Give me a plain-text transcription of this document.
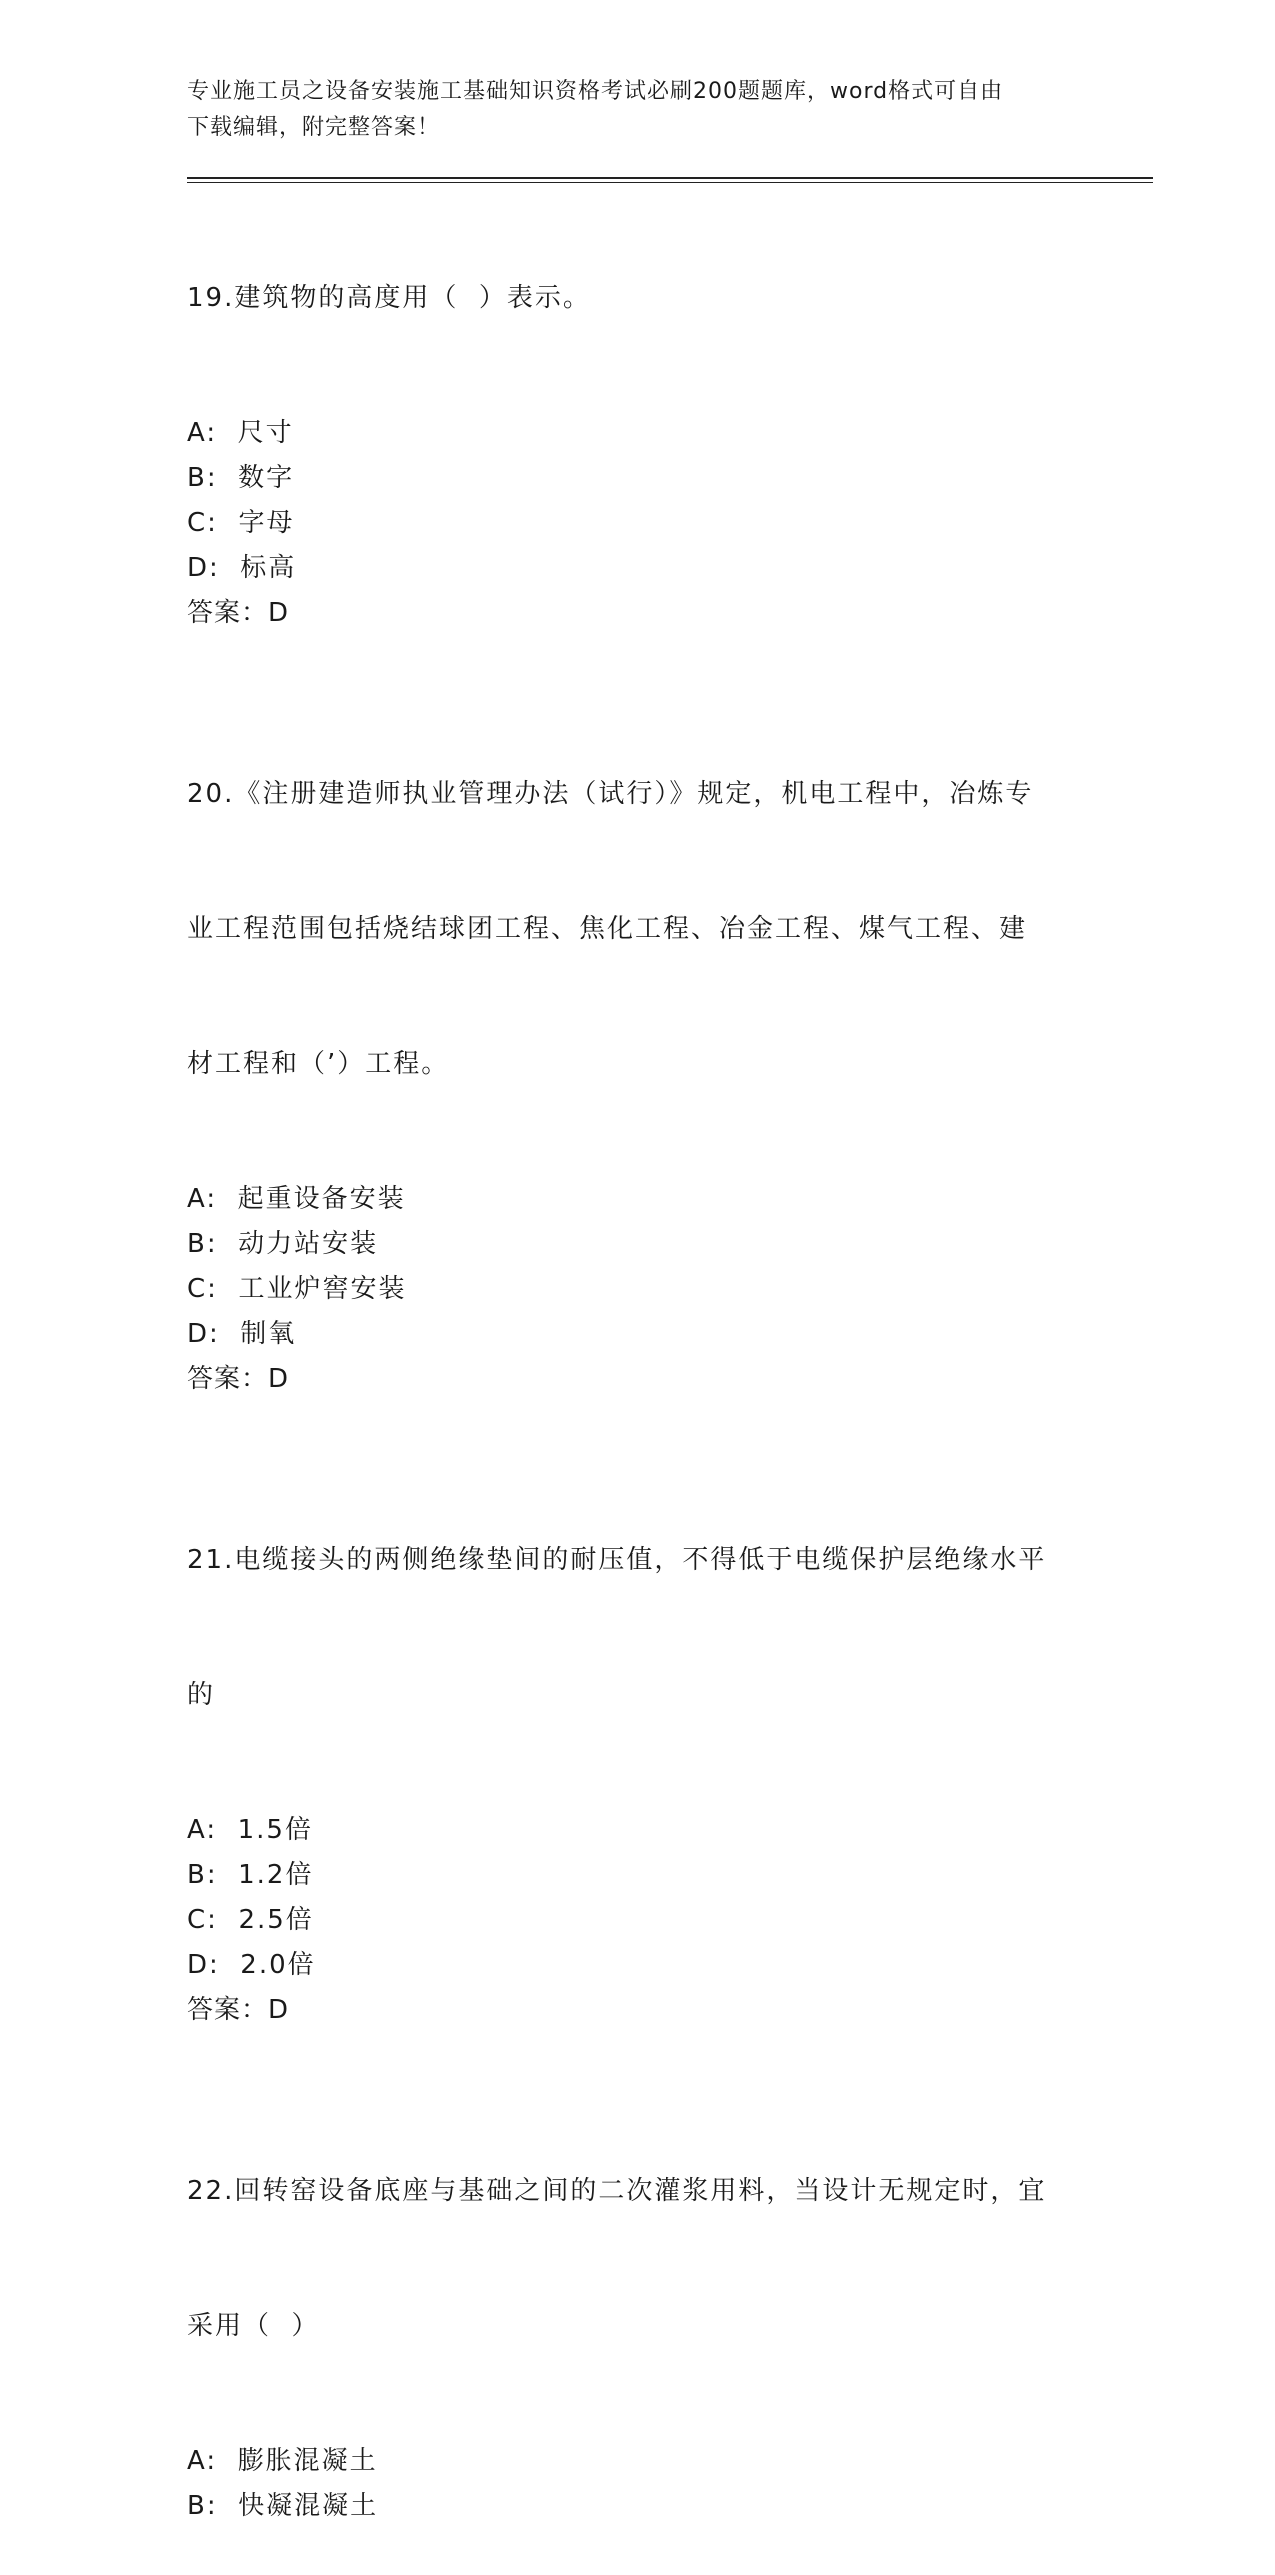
专业施工员之设备安装施工基础知识资格考试必刷200题题库，word格式可自由
下载编辑，附完整答案！

19.建筑物的高度用（  ）表示。

A:  尺寸
B:  数字
C:  字母
D:  标高
答案：D

20.《注册建造师执业管理办法（试行）》规定，机电工程中，冶炼专

业工程范围包括烧结球团工程、焦化工程、冶金工程、煤气工程、建

材工程和（’）工程。

A:  起重设备安装
B:  动力站安装
C:  工业炉窖安装
D:  制氧
答案：D

21.电缆接头的两侧绝缘垫间的耐压值，不得低于电缆保护层绝缘水平

的

A:  1.5倍
B:  1.2倍
C:  2.5倍
D:  2.0倍
答案：D

22.回转窑设备底座与基础之间的二次灌浆用料，当设计无规定时，宜

采用（  ）

A:  膨胀混凝土
B:  快凝混凝土
